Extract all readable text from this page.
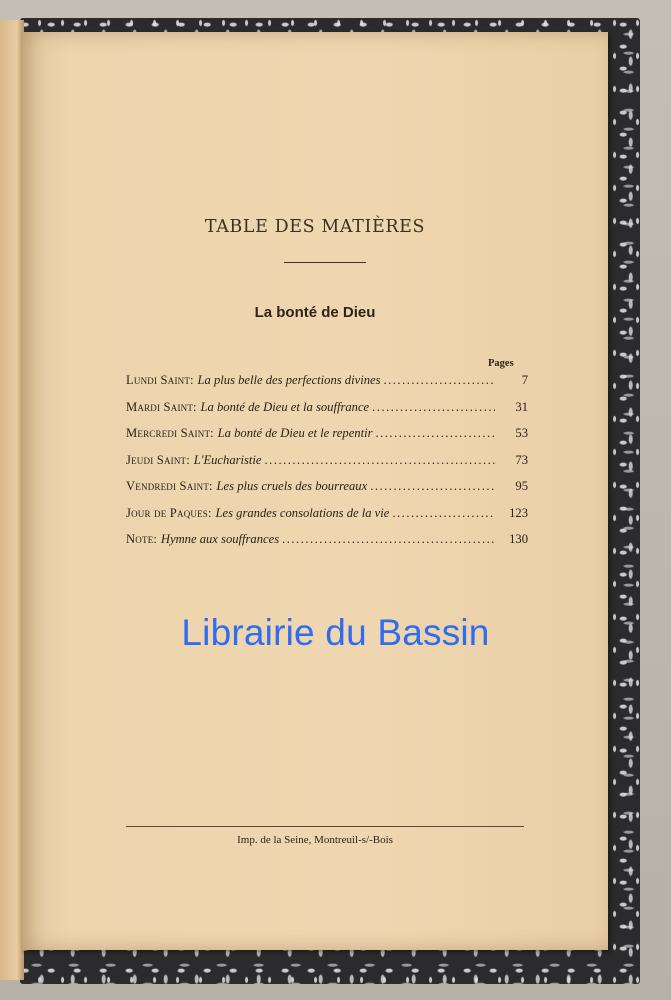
TABLE DES MATIÈRES
La bonté de Dieu
Pages
Lundi Saint : La plus belle des perfections divines .....	7
Mardi Saint : La bonté de Dieu et la souffrance .....	31
Mercredi Saint : La bonté de Dieu et le repentir .....	53
Jeudi Saint : L'Eucharistie .....	73
Vendredi Saint : Les plus cruels des bourreaux .....	95
Jour de Paques : Les grandes consolations de la vie .....	123
Note : Hymne aux souffrances .....	130
Imp. de la Seine, Montreuil-s/-Bois
Librairie du Bassin
